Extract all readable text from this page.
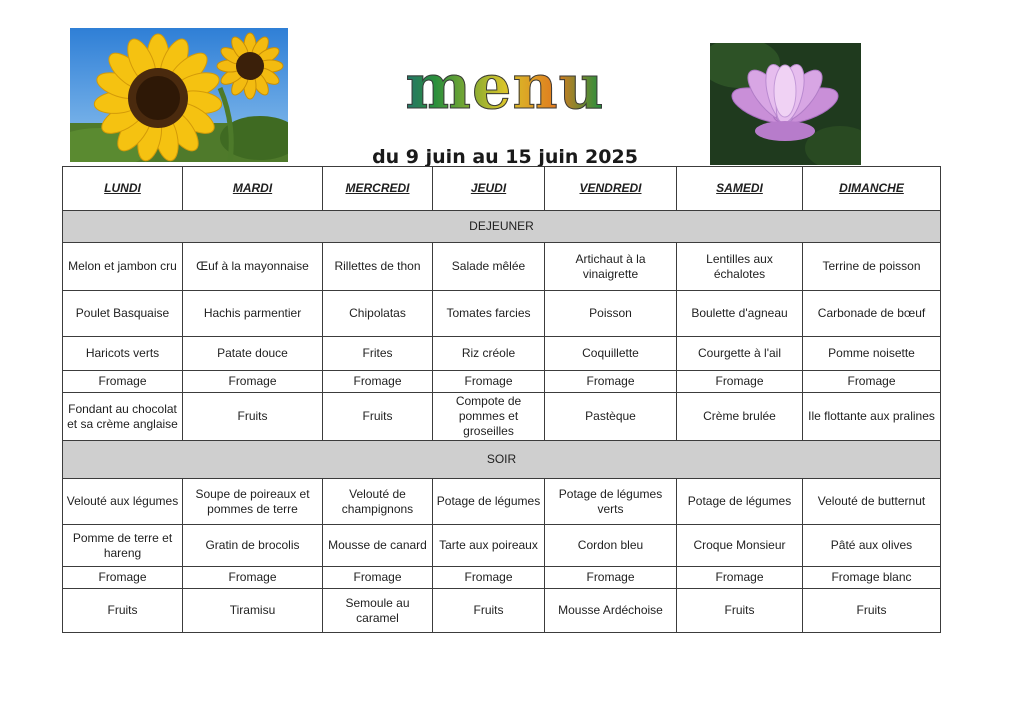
menu
du 9 juin au 15 juin 2025
LUNDI	MARDI	MERCREDI	JEUDI	VENDREDI	SAMEDI	DIMANCHE
DEJEUNER						
Melon et jambon cru	Œuf à la mayonnaise	Rillettes de thon	Salade mêlée	Artichaut à la vinaigrette	Lentilles aux échalotes	Terrine de poisson
Poulet Basquaise	Hachis parmentier	Chipolatas	Tomates farcies	Poisson	Boulette d'agneau	Carbonade de bœuf
Haricots verts	Patate douce	Frites	Riz créole	Coquillette	Courgette à l'ail	Pomme noisette
Fromage	Fromage	Fromage	Fromage	Fromage	Fromage	Fromage
Fondant au chocolat et sa crème anglaise	Fruits	Fruits	Compote de pommes et groseilles	Pastèque	Crème brulée	Ile flottante aux pralines
SOIR						
Velouté aux légumes	Soupe de poireaux et pommes de terre	Velouté de champignons	Potage de légumes	Potage de légumes verts	Potage de légumes	Velouté de butternut
Pomme de terre et hareng	Gratin de brocolis	Mousse de canard	Tarte aux poireaux	Cordon bleu	Croque Monsieur	Pâté aux olives
Fromage	Fromage	Fromage	Fromage	Fromage	Fromage	Fromage blanc
Fruits	Tiramisu	Semoule au caramel	Fruits	Mousse Ardéchoise	Fruits	Fruits
